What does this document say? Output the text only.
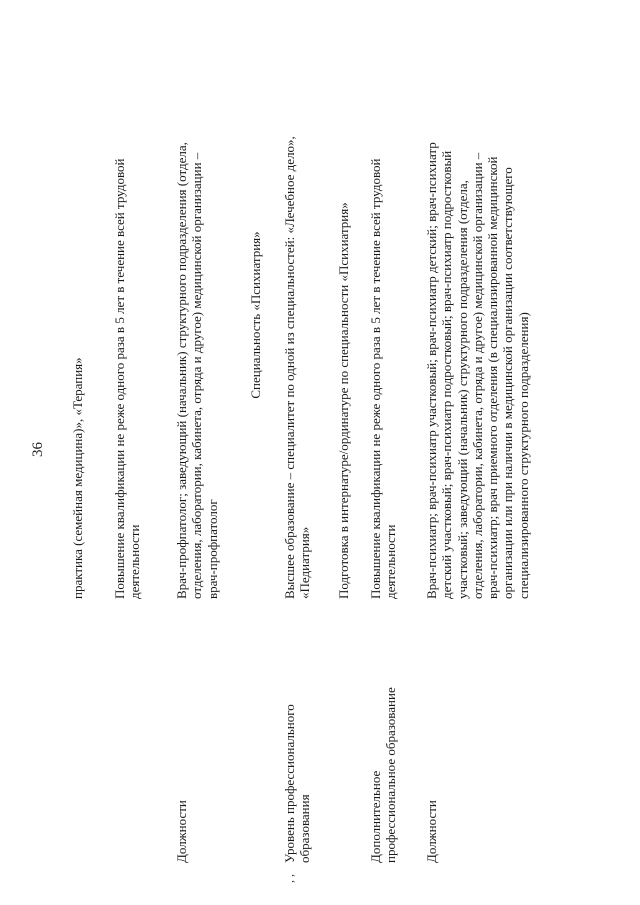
36 практика (семейная медицина)», «Терапия» Повышение квалификации не реже одного раза в 5 лет в течение всей трудовой деятельности
Должности
Врач-профпатолог; заведующий (начальник) структурного подразделения (отдела, отделения, лаборатории, кабинета, отряда и другое) медицинской организации – врач-профпатолог
Специальность «Психиатрия»
, ,
Уровень профессионального образования
Высшее образование – специалитет по одной из специальностей: «Лечебное дело», «Педиатрия» Подготовка в интернатуре/ординатуре по специальности «Психиатрия»
Дополнительное профессиональное образование
Повышение квалификации не реже одного раза в 5 лет в течение всей трудовой деятельности
Должности
Врач-психиатр; врач-психиатр участковый; врач-психиатр детский; врач-психиатр детский участковый; врач-психиатр подростковый; врач-психиатр подростковый участковый; заведующий (начальник) структурного подразделения (отдела, отделения, лаборатории, кабинета, отряда и другое) медицинской организации – врач-психиатр; врач приемного отделения (в специализированной медицинской организации или при наличии в медицинской организации соответствующего специализированного структурного подразделения)
